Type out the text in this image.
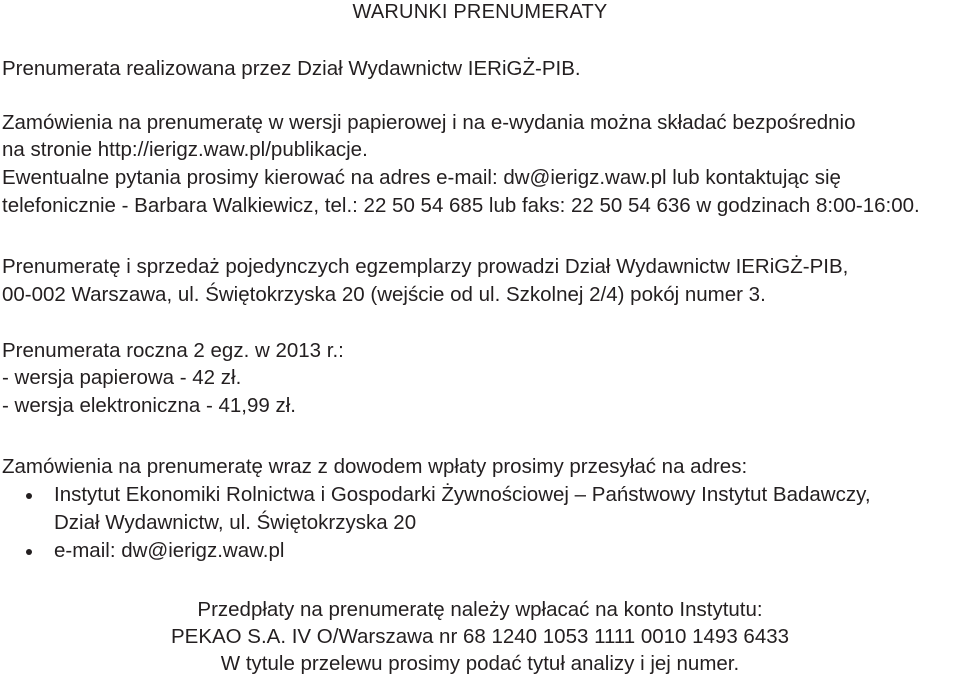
WARUNKI PRENUMERATY
Prenumerata realizowana przez Dział Wydawnictw IERiGŻ-PIB.
Zamówienia na prenumeratę w wersji papierowej i na e-wydania można składać bezpośrednio
na stronie http://ierigz.waw.pl/publikacje.
Ewentualne pytania prosimy kierować na adres e-mail: dw@ierigz.waw.pl lub kontaktując się
telefonicznie - Barbara Walkiewicz, tel.: 22 50 54 685 lub faks: 22 50 54 636 w godzinach 8:00-16:00.
Prenumeratę i sprzedaż pojedynczych egzemplarzy prowadzi Dział Wydawnictw IERiGŻ-PIB,
00-002 Warszawa, ul. Świętokrzyska 20 (wejście od ul. Szkolnej 2/4) pokój numer 3.
Prenumerata roczna 2 egz. w 2013 r.:
- wersja papierowa - 42 zł.
- wersja elektroniczna - 41,99 zł.
Zamówienia na prenumeratę wraz z dowodem wpłaty prosimy przesyłać na adres:
Instytut Ekonomiki Rolnictwa i Gospodarki Żywnościowej – Państwowy Instytut Badawczy,
Dział Wydawnictw, ul. Świętokrzyska 20
e-mail: dw@ierigz.waw.pl
Przedpłaty na prenumeratę należy wpłacać na konto Instytutu:
PEKAO S.A. IV O/Warszawa nr 68 1240 1053 1111 0010 1493 6433
W tytule przelewu prosimy podać tytuł analizy i jej numer.
